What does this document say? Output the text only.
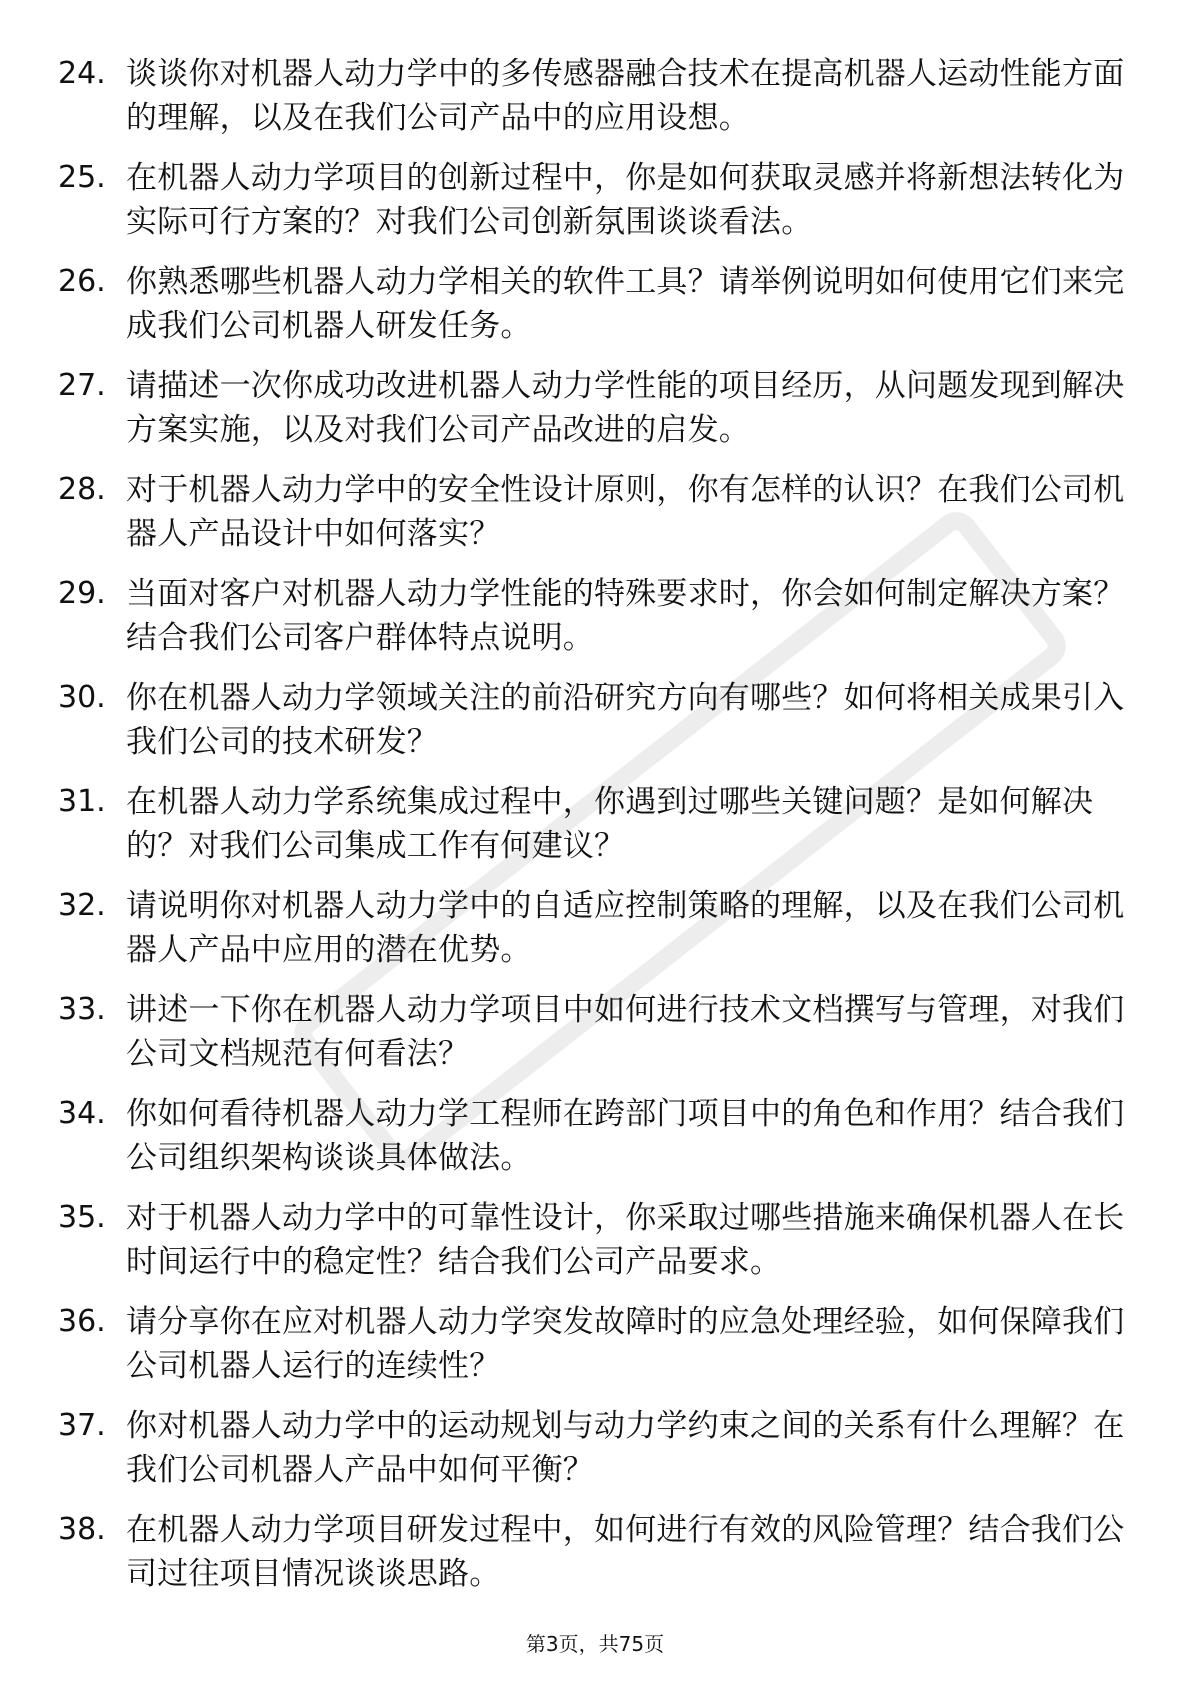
24. 谈谈你对机器人动力学中的多传感器融合技术在提高机器人运动性能方面的理解，以及在我们公司产品中的应用设想。
25. 在机器人动力学项目的创新过程中，你是如何获取灵感并将新想法转化为实际可行方案的？对我们公司创新氛围谈谈看法。
26. 你熟悉哪些机器人动力学相关的软件工具？请举例说明如何使用它们来完成我们公司机器人研发任务。
27. 请描述一次你成功改进机器人动力学性能的项目经历，从问题发现到解决方案实施，以及对我们公司产品改进的启发。
28. 对于机器人动力学中的安全性设计原则，你有怎样的认识？在我们公司机器人产品设计中如何落实？
29. 当面对客户对机器人动力学性能的特殊要求时，你会如何制定解决方案？结合我们公司客户群体特点说明。
30. 你在机器人动力学领域关注的前沿研究方向有哪些？如何将相关成果引入我们公司的技术研发？
31. 在机器人动力学系统集成过程中，你遇到过哪些关键问题？是如何解决的？对我们公司集成工作有何建议？
32. 请说明你对机器人动力学中的自适应控制策略的理解，以及在我们公司机器人产品中应用的潜在优势。
33. 讲述一下你在机器人动力学项目中如何进行技术文档撰写与管理，对我们公司文档规范有何看法？
34. 你如何看待机器人动力学工程师在跨部门项目中的角色和作用？结合我们公司组织架构谈谈具体做法。
35. 对于机器人动力学中的可靠性设计，你采取过哪些措施来确保机器人在长时间运行中的稳定性？结合我们公司产品要求。
36. 请分享你在应对机器人动力学突发故障时的应急处理经验，如何保障我们公司机器人运行的连续性？
37. 你对机器人动力学中的运动规划与动力学约束之间的关系有什么理解？在我们公司机器人产品中如何平衡？
38. 在机器人动力学项目研发过程中，如何进行有效的风险管理？结合我们公司过往项目情况谈谈思路。
第3页，共75页
